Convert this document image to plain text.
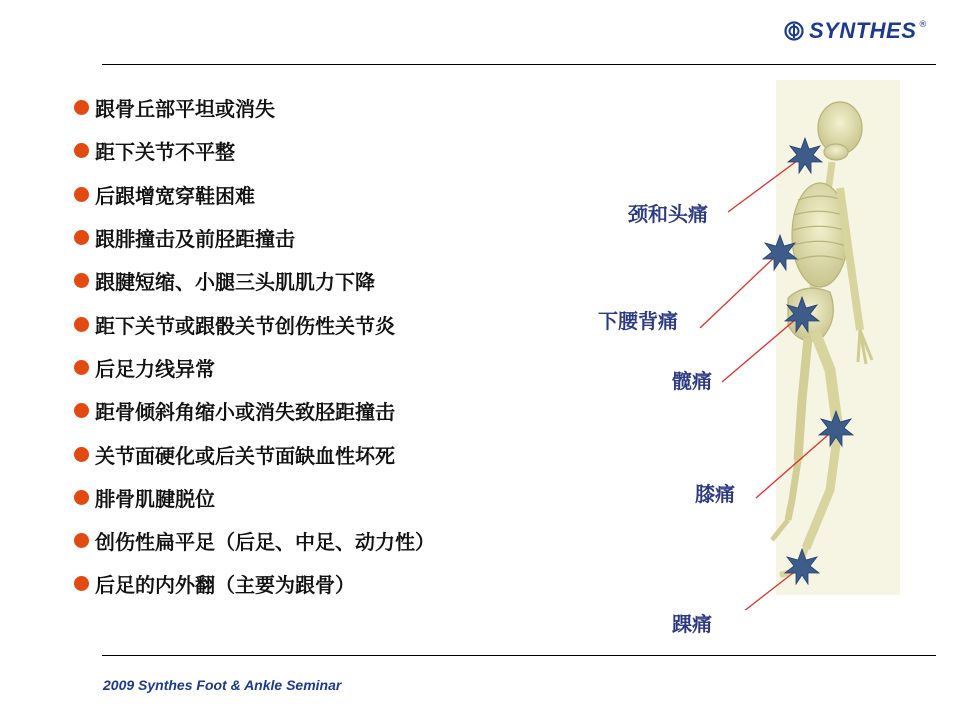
SYNTHES ®
跟骨丘部平坦或消失
距下关节不平整
后跟增宽穿鞋困难
跟腓撞击及前胫距撞击
跟腱短缩、小腿三头肌肌力下降
距下关节或跟骰关节创伤性关节炎
后足力线异常
距骨倾斜角缩小或消失致胫距撞击
关节面硬化或后关节面缺血性坏死
腓骨肌腱脱位
创伤性扁平足（后足、中足、动力性）
后足的内外翻（主要为跟骨）
颈和头痛
下腰背痛
髋痛
膝痛
踝痛
2009 Synthes Foot & Ankle Seminar
